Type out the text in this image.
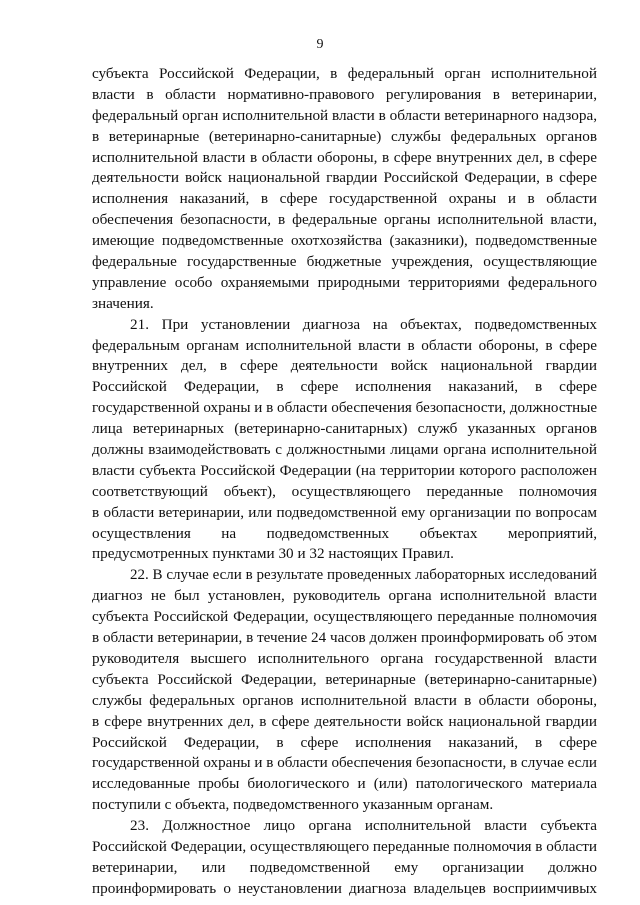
9
субъекта Российской Федерации, в федеральный орган исполнительной
власти в области нормативно-правового регулирования в ветеринарии,
федеральный орган исполнительной власти в области ветеринарного надзора,
в ветеринарные (ветеринарно-санитарные) службы федеральных органов
исполнительной власти в области обороны, в сфере внутренних дел, в сфере
деятельности войск национальной гвардии Российской Федерации, в сфере
исполнения наказаний, в сфере государственной охраны и в области
обеспечения безопасности, в федеральные органы исполнительной власти,
имеющие подведомственные охотхозяйства (заказники), подведомственные
федеральные государственные бюджетные учреждения, осуществляющие
управление особо охраняемыми природными территориями федерального
значения.
21. При установлении диагноза на объектах, подведомственных
федеральным органам исполнительной власти в области обороны, в сфере
внутренних дел, в сфере деятельности войск национальной гвардии
Российской Федерации, в сфере исполнения наказаний, в сфере
государственной охраны и в области обеспечения безопасности, должностные
лица ветеринарных (ветеринарно-санитарных) служб указанных органов
должны взаимодействовать с должностными лицами органа исполнительной
власти субъекта Российской Федерации (на территории которого расположен
соответствующий объект), осуществляющего переданные полномочия
в области ветеринарии, или подведомственной ему организации по вопросам
осуществления на подведомственных объектах мероприятий,
предусмотренных пунктами 30 и 32 настоящих Правил.
22. В случае если в результате проведенных лабораторных исследований
диагноз не был установлен, руководитель органа исполнительной власти
субъекта Российской Федерации, осуществляющего переданные полномочия
в области ветеринарии, в течение 24 часов должен проинформировать об этом
руководителя высшего исполнительного органа государственной власти
субъекта Российской Федерации, ветеринарные (ветеринарно-санитарные)
службы федеральных органов исполнительной власти в области обороны,
в сфере внутренних дел, в сфере деятельности войск национальной гвардии
Российской Федерации, в сфере исполнения наказаний, в сфере
государственной охраны и в области обеспечения безопасности, в случае если
исследованные пробы биологического и (или) патологического материала
поступили с объекта, подведомственного указанным органам.
23. Должностное лицо органа исполнительной власти субъекта
Российской Федерации, осуществляющего переданные полномочия в области
ветеринарии, или подведомственной ему организации должно
проинформировать о неустановлении диагноза владельцев восприимчивых
